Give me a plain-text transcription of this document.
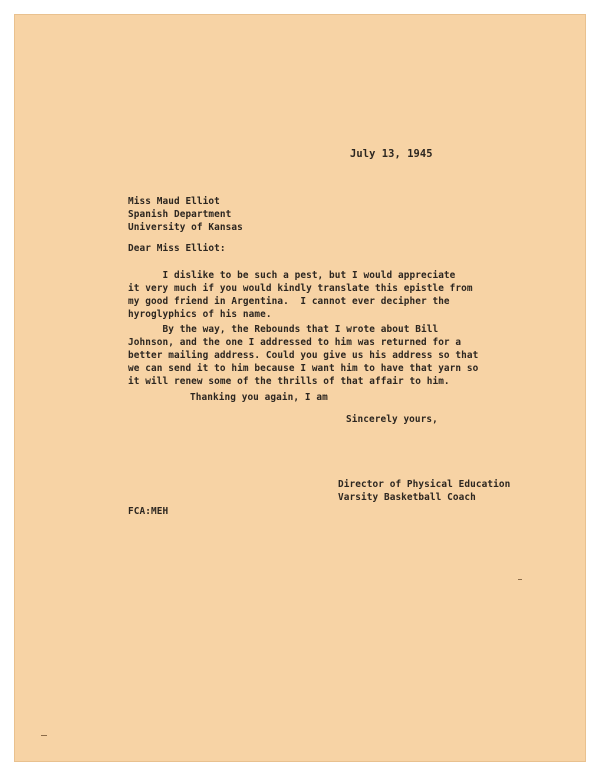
July 13, 1945
Miss Maud Elliot
Spanish Department
University of Kansas
Dear Miss Elliot:
I dislike to be such a pest, but I would appreciate
it very much if you would kindly translate this epistle from
my good friend in Argentina.  I cannot ever decipher the
hyroglyphics of his name.
By the way, the Rebounds that I wrote about Bill
Johnson, and the one I addressed to him was returned for a
better mailing address. Could you give us his address so that
we can send it to him because I want him to have that yarn so
it will renew some of the thrills of that affair to him.
Thanking you again, I am
Sincerely yours,
Director of Physical Education
Varsity Basketball Coach
FCA:MEH
